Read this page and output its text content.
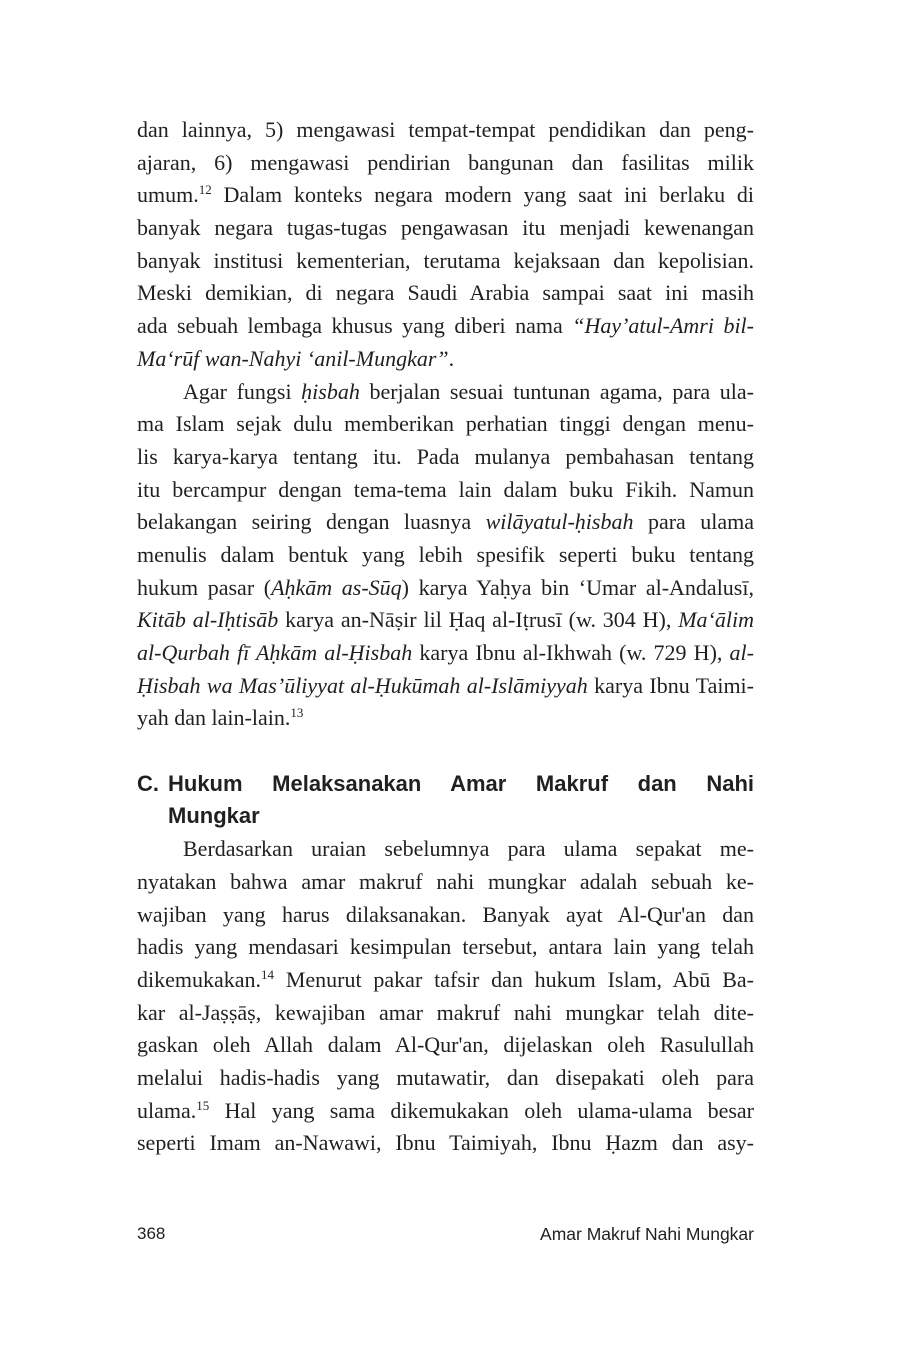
dan lainnya, 5) mengawasi tempat-tempat pendidikan dan peng-
ajaran, 6) mengawasi pendirian bangunan dan fasilitas milik
umum.$^{12}$ Dalam konteks negara modern yang saat ini berlaku di
banyak negara tugas-tugas pengawasan itu menjadi kewenangan
banyak institusi kementerian, terutama kejaksaan dan kepolisian.
Meski demikian, di negara Saudi Arabia sampai saat ini masih
ada sebuah lembaga khusus yang diberi nama “Hay’atul-Amri bil-
Ma‘rūf wan-Nahyi ‘anil-Mungkar”.
Agar fungsi ḥisbah berjalan sesuai tuntunan agama, para ula-
ma Islam sejak dulu memberikan perhatian tinggi dengan menu-
lis karya-karya tentang itu. Pada mulanya pembahasan tentang
itu bercampur dengan tema-tema lain dalam buku Fikih. Namun
belakangan seiring dengan luasnya wilāyatul-ḥisbah para ulama
menulis dalam bentuk yang lebih spesifik seperti buku tentang
hukum pasar (Aḥkām as-Sūq) karya Yaḥya bin ‘Umar al-Andalusī,
Kitāb al-Iḥtisāb karya an-Nāṣir lil Ḥaq al-Iṭrusī (w. 304 H), Ma‘ālim
al-Qurbah fī Aḥkām al-Ḥisbah karya Ibnu al-Ikhwah (w. 729 H), al-
Ḥisbah wa Mas’ūliyyat al-Ḥukūmah al-Islāmiyyah karya Ibnu Taimi-
yah dan lain-lain.$^{13}$
C. Hukum Melaksanakan Amar Makruf dan Nahi
Mungkar
Berdasarkan uraian sebelumnya para ulama sepakat me-
nyatakan bahwa amar makruf nahi mungkar adalah sebuah ke-
wajiban yang harus dilaksanakan. Banyak ayat Al-Qur'an dan
hadis yang mendasari kesimpulan tersebut, antara lain yang telah
dikemukakan.$^{14}$ Menurut pakar tafsir dan hukum Islam, Abū Ba-
kar al-Jaṣṣāṣ, kewajiban amar makruf nahi mungkar telah dite-
gaskan oleh Allah dalam Al-Qur'an, dijelaskan oleh Rasulullah
melalui hadis-hadis yang mutawatir, dan disepakati oleh para
ulama.$^{15}$ Hal yang sama dikemukakan oleh ulama-ulama besar
seperti Imam an-Nawawi, Ibnu Taimiyah, Ibnu Ḥazm dan asy-
368	Amar Makruf Nahi Mungkar
